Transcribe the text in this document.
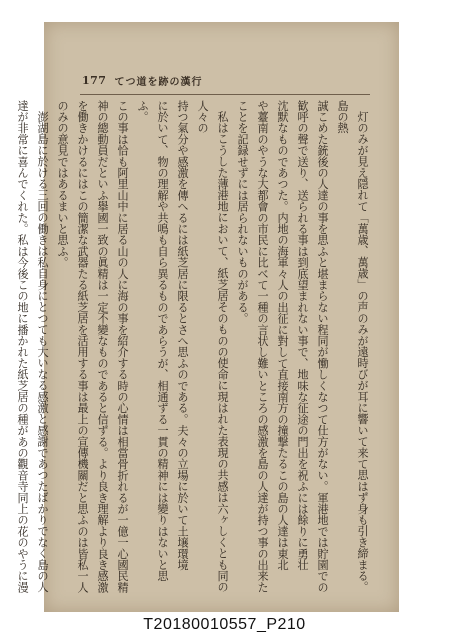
177 てつ道を跡の漢行

灯のみが見え隠れて「萬歳、萬歳」の声のみが遠時びが耳に響いて来て思はず身も引き締まる。島の熱
誠こめた銃後の人達の事を思ふと堪まらない程同が慟しくなつて仕方がない。軍港地では貯園での
歓呼の聲で送り、送られる事は到底望まれない事で、地味な征途の門出を祝ふには餘りに勇壮
沈默なものであつた。内地の海軍々人の出征に對して直接南方の撞撃たるこの島の人達は東北
や薹南のやうな大都會の市民に比べて一種の言状し難いところの感激を島の人達が持つ事の出来た
ことを記録せずには居られないものがある。

私はこうした薄港地において、紙芝居そのものの使命に現はれた表現の共感は六ヶしくとも同の人々の
持つ氣分や感激を傳へるには紙芝居に限るとさへ思ふのである。夫々の立場に於いて土壌環境
に於いて、物の理解や共鳴も自ら異るものであらうが、相通ずる一貫の精神には變りはないと思ふ。
この事は恰も阿里山中に居る山の人に海の事を紹介する時の心情は相當骨折れるが一億一心國民精
神の總動員だといふ擧國一致の眞精は一定不變なものであると信ずる。より良き理解より良き感激
を働きかけるにはこの簡潔な武器たる紙芝居を活用する事は最上の宣傳機關だと思ふのは皆私一人
のみの意見ではあるまいと思ふ。

澎湖島に於ける三回の働きは私自身にとつても大いなる感激と感謝であつたばかりでなく島の人
達が非常に喜んでくれた。私は今後この地に播かれた紙芝居の種があの觀音寺同上の花のやうに漫

T20180010557_P210
